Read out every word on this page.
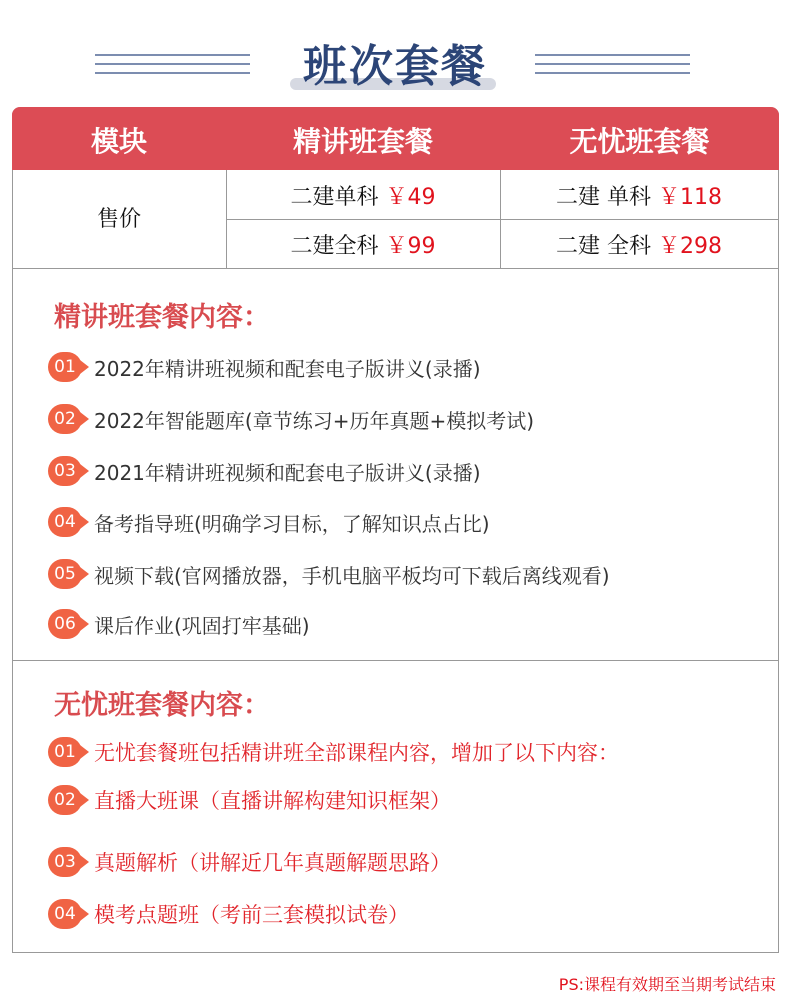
班次套餐
模块	精讲班套餐	无忧班套餐
售价
二建单科 ￥49
二建全科 ￥99
二建 单科 ￥118
二建 全科 ￥298
精讲班套餐内容：
01 2022年精讲班视频和配套电子版讲义(录播)
02 2022年智能题库(章节练习+历年真题+模拟考试)
03 2021年精讲班视频和配套电子版讲义(录播)
04 备考指导班(明确学习目标，了解知识点占比)
05 视频下载(官网播放器，手机电脑平板均可下载后离线观看)
06 课后作业(巩固打牢基础)
无忧班套餐内容：
01 无忧套餐班包括精讲班全部课程内容，增加了以下内容：
02 直播大班课（直播讲解构建知识框架）
03 真题解析（讲解近几年真题解题思路）
04 模考点题班（考前三套模拟试卷）
PS:课程有效期至当期考试结束
